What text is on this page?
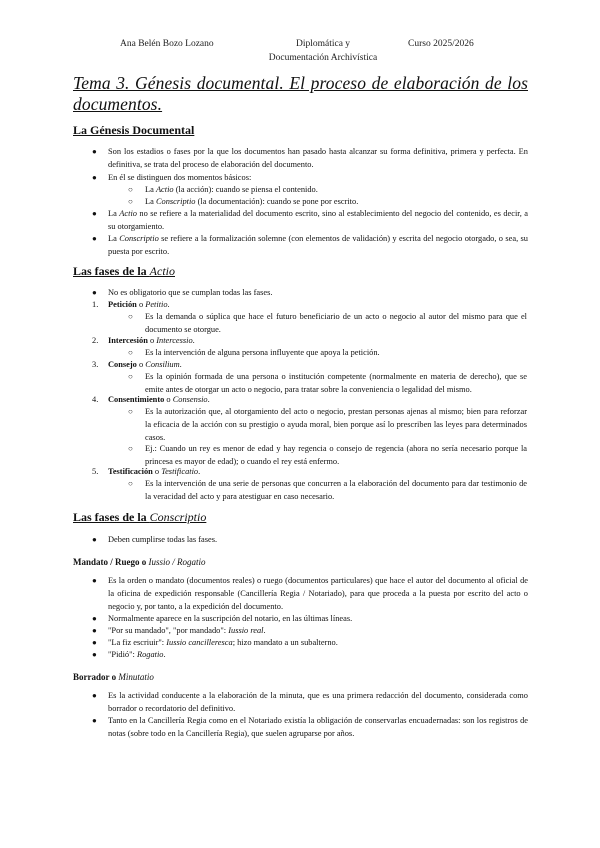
Ana Belén Bozo Lozano	Diplomática y
Documentación Archivística
Curso 2025/2026
Tema 3. Génesis documental. El proceso de elaboración de los documentos.
La Génesis Documental
● Son los estadios o fases por la que los documentos han pasado hasta alcanzar su forma definitiva, primera y perfecta. En definitiva, se trata del proceso de elaboración del documento.
● En él se distinguen dos momentos básicos:
○ La Actio (la acción): cuando se piensa el contenido.
○ La Conscriptio (la documentación): cuando se pone por escrito.
● La Actio no se refiere a la materialidad del documento escrito, sino al establecimiento del negocio del contenido, es decir, a su otorgamiento.
● La Conscriptio se refiere a la formalización solemne (con elementos de validación) y escrita del negocio otorgado, o sea, su puesta por escrito.
Las fases de la Actio
● No es obligatorio que se cumplan todas las fases.
1. Petición o Petitio.
○ Es la demanda o súplica que hace el futuro beneficiario de un acto o negocio al autor del mismo para que el documento se otorgue.
2. Intercesión o Intercessio.
○ Es la intervención de alguna persona influyente que apoya la petición.
3. Consejo o Consilium.
○ Es la opinión formada de una persona o institución competente (normalmente en materia de derecho), que se emite antes de otorgar un acto o negocio, para tratar sobre la conveniencia o legalidad del mismo.
4. Consentimiento o Consensio.
○ Es la autorización que, al otorgamiento del acto o negocio, prestan personas ajenas al mismo; bien para reforzar la eficacia de la acción con su prestigio o ayuda moral, bien porque así lo prescriben las leyes para determinados casos.
○ Ej.: Cuando un rey es menor de edad y hay regencia o consejo de regencia (ahora no sería necesario porque la princesa es mayor de edad); o cuando el rey está enfermo.
5. Testificación o Testificatio.
○ Es la intervención de una serie de personas que concurren a la elaboración del documento para dar testimonio de la veracidad del acto y para atestiguar en caso necesario.
Las fases de la Conscriptio
● Deben cumplirse todas las fases.
Mandato / Ruego o Iussio / Rogatio
● Es la orden o mandato (documentos reales) o ruego (documentos particulares) que hace el autor del documento al oficial de la oficina de expedición responsable (Cancillería Regia / Notariado), para que proceda a la puesta por escrito del acto o negocio y, por tanto, a la expedición del documento.
● Normalmente aparece en la suscripción del notario, en las últimas líneas.
● "Por su mandado", "por mandado": Iussio real.
● "La fiz escriuir": Iussio cancilleresca; hizo mandato a un subalterno.
● "Pidió": Rogatio.
Borrador o Minutatio
● Es la actividad conducente a la elaboración de la minuta, que es una primera redacción del documento, considerada como borrador o recordatorio del definitivo.
● Tanto en la Cancillería Regia como en el Notariado existía la obligación de conservarlas encuadernadas: son los registros de notas (sobre todo en la Cancillería Regia), que suelen agruparse por años.
